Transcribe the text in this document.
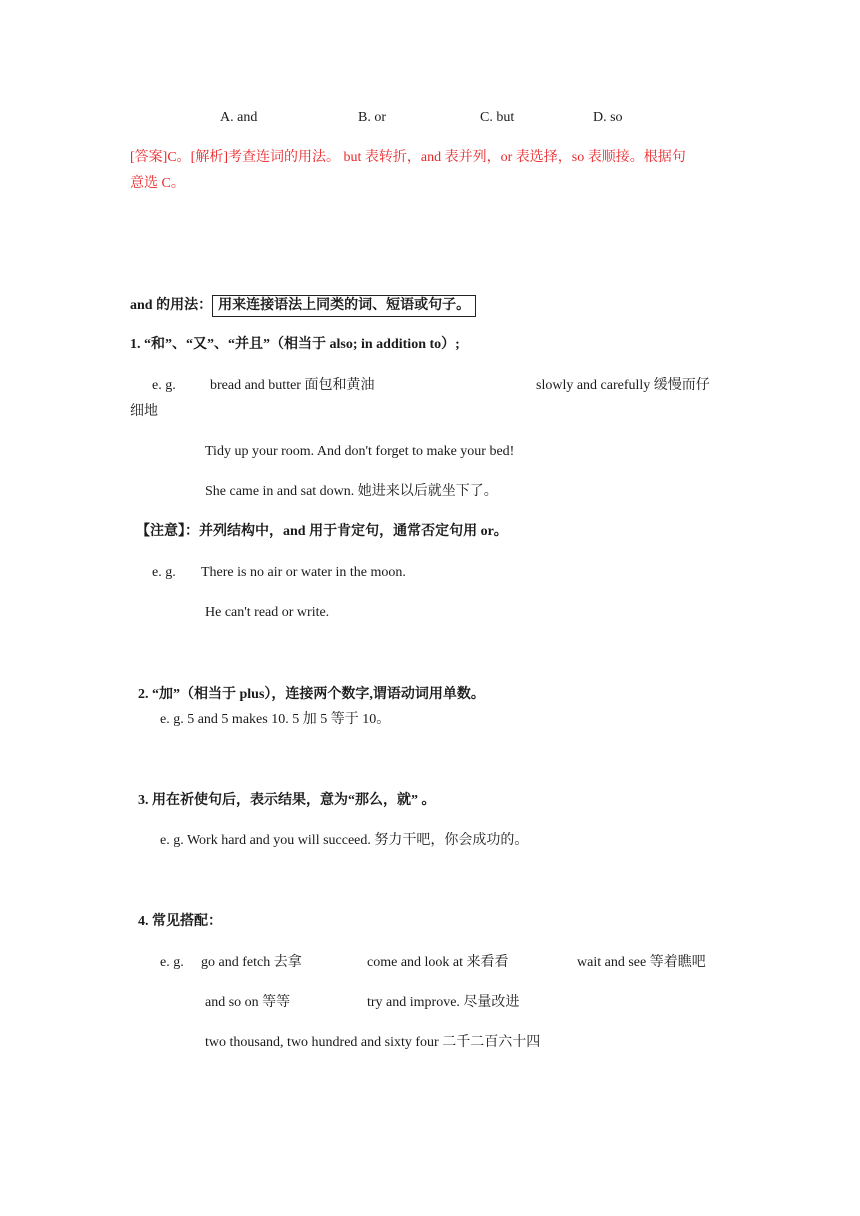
A. and	B. or	C. but	D. so
[答案]C。[解析]考查连词的用法。 but 表转折，and 表并列，or 表选择，so 表顺接。根据句
意选 C。
and 的用法： 用来连接语法上同类的词、短语或句子。
1. “和”、“又”、“并且”（相当于 also; in addition to）;
e. g. bread and butter 面包和黄油	slowly and carefully 缓慢而仔
细地
Tidy up your room. And don't forget to make your bed!
She came in and sat down. 她进来以后就坐下了。
【注意】：并列结构中，and 用于肯定句，通常否定句用 or。
e. g. There is no air or water in the moon.
He can't read or write.
2. “加”（相当于 plus），连接两个数字,谓语动词用单数。
e. g. 5 and 5 makes 10. 5 加 5 等于 10。
3. 用在祈使句后，表示结果，意为“那么，就” 。
e. g. Work hard and you will succeed. 努力干吧，你会成功的。
4. 常见搭配：
e. g. go and fetch 去拿	come and look at 来看看	wait and see 等着瞧吧
and so on 等等	try and improve. 尽量改进
two thousand, two hundred and sixty four 二千二百六十四
